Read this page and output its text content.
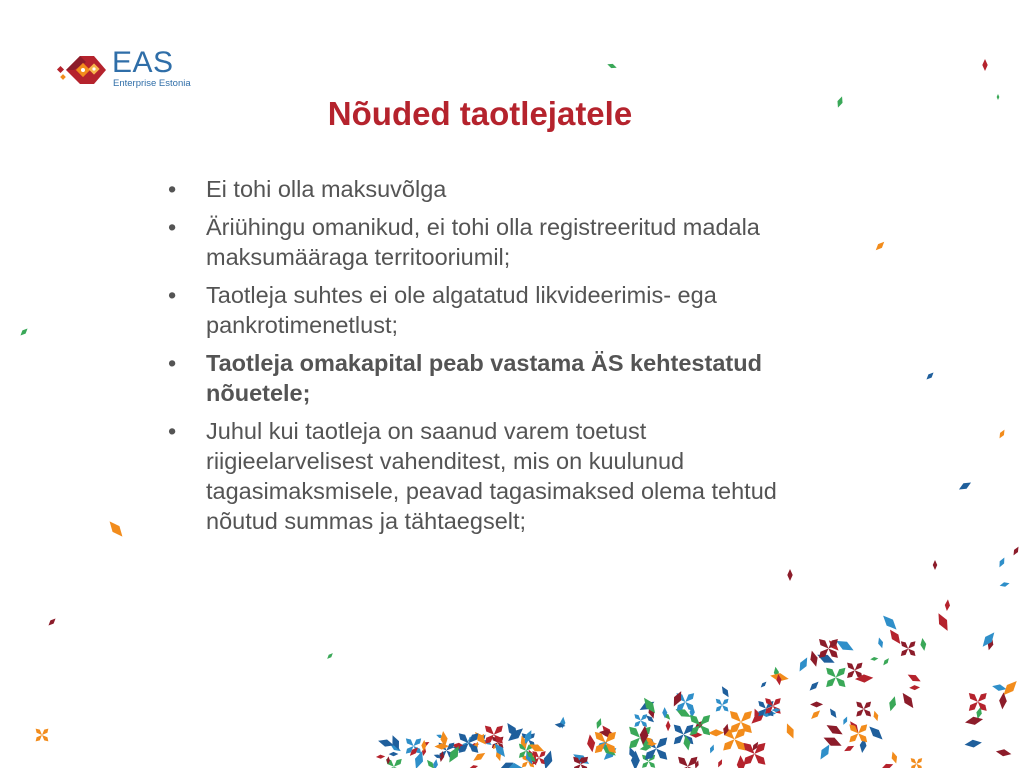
EAS
Enterprise Estonia
Nõuded taotlejatele
• Ei tohi olla maksuvõlga
• Äriühingu omanikud, ei tohi olla registreeritud madala maksumääraga territooriumil;
• Taotleja suhtes ei ole algatatud likvideerimis- ega pankrotimenetlust;
• Taotleja omakapital peab vastama ÄS kehtestatud nõuetele;
• Juhul kui taotleja on saanud varem toetust riigieelarvelisest vahenditest, mis on kuulunud tagasimaksmisele, peavad tagasimaksed olema tehtud nõutud summas ja tähtaegselt;
